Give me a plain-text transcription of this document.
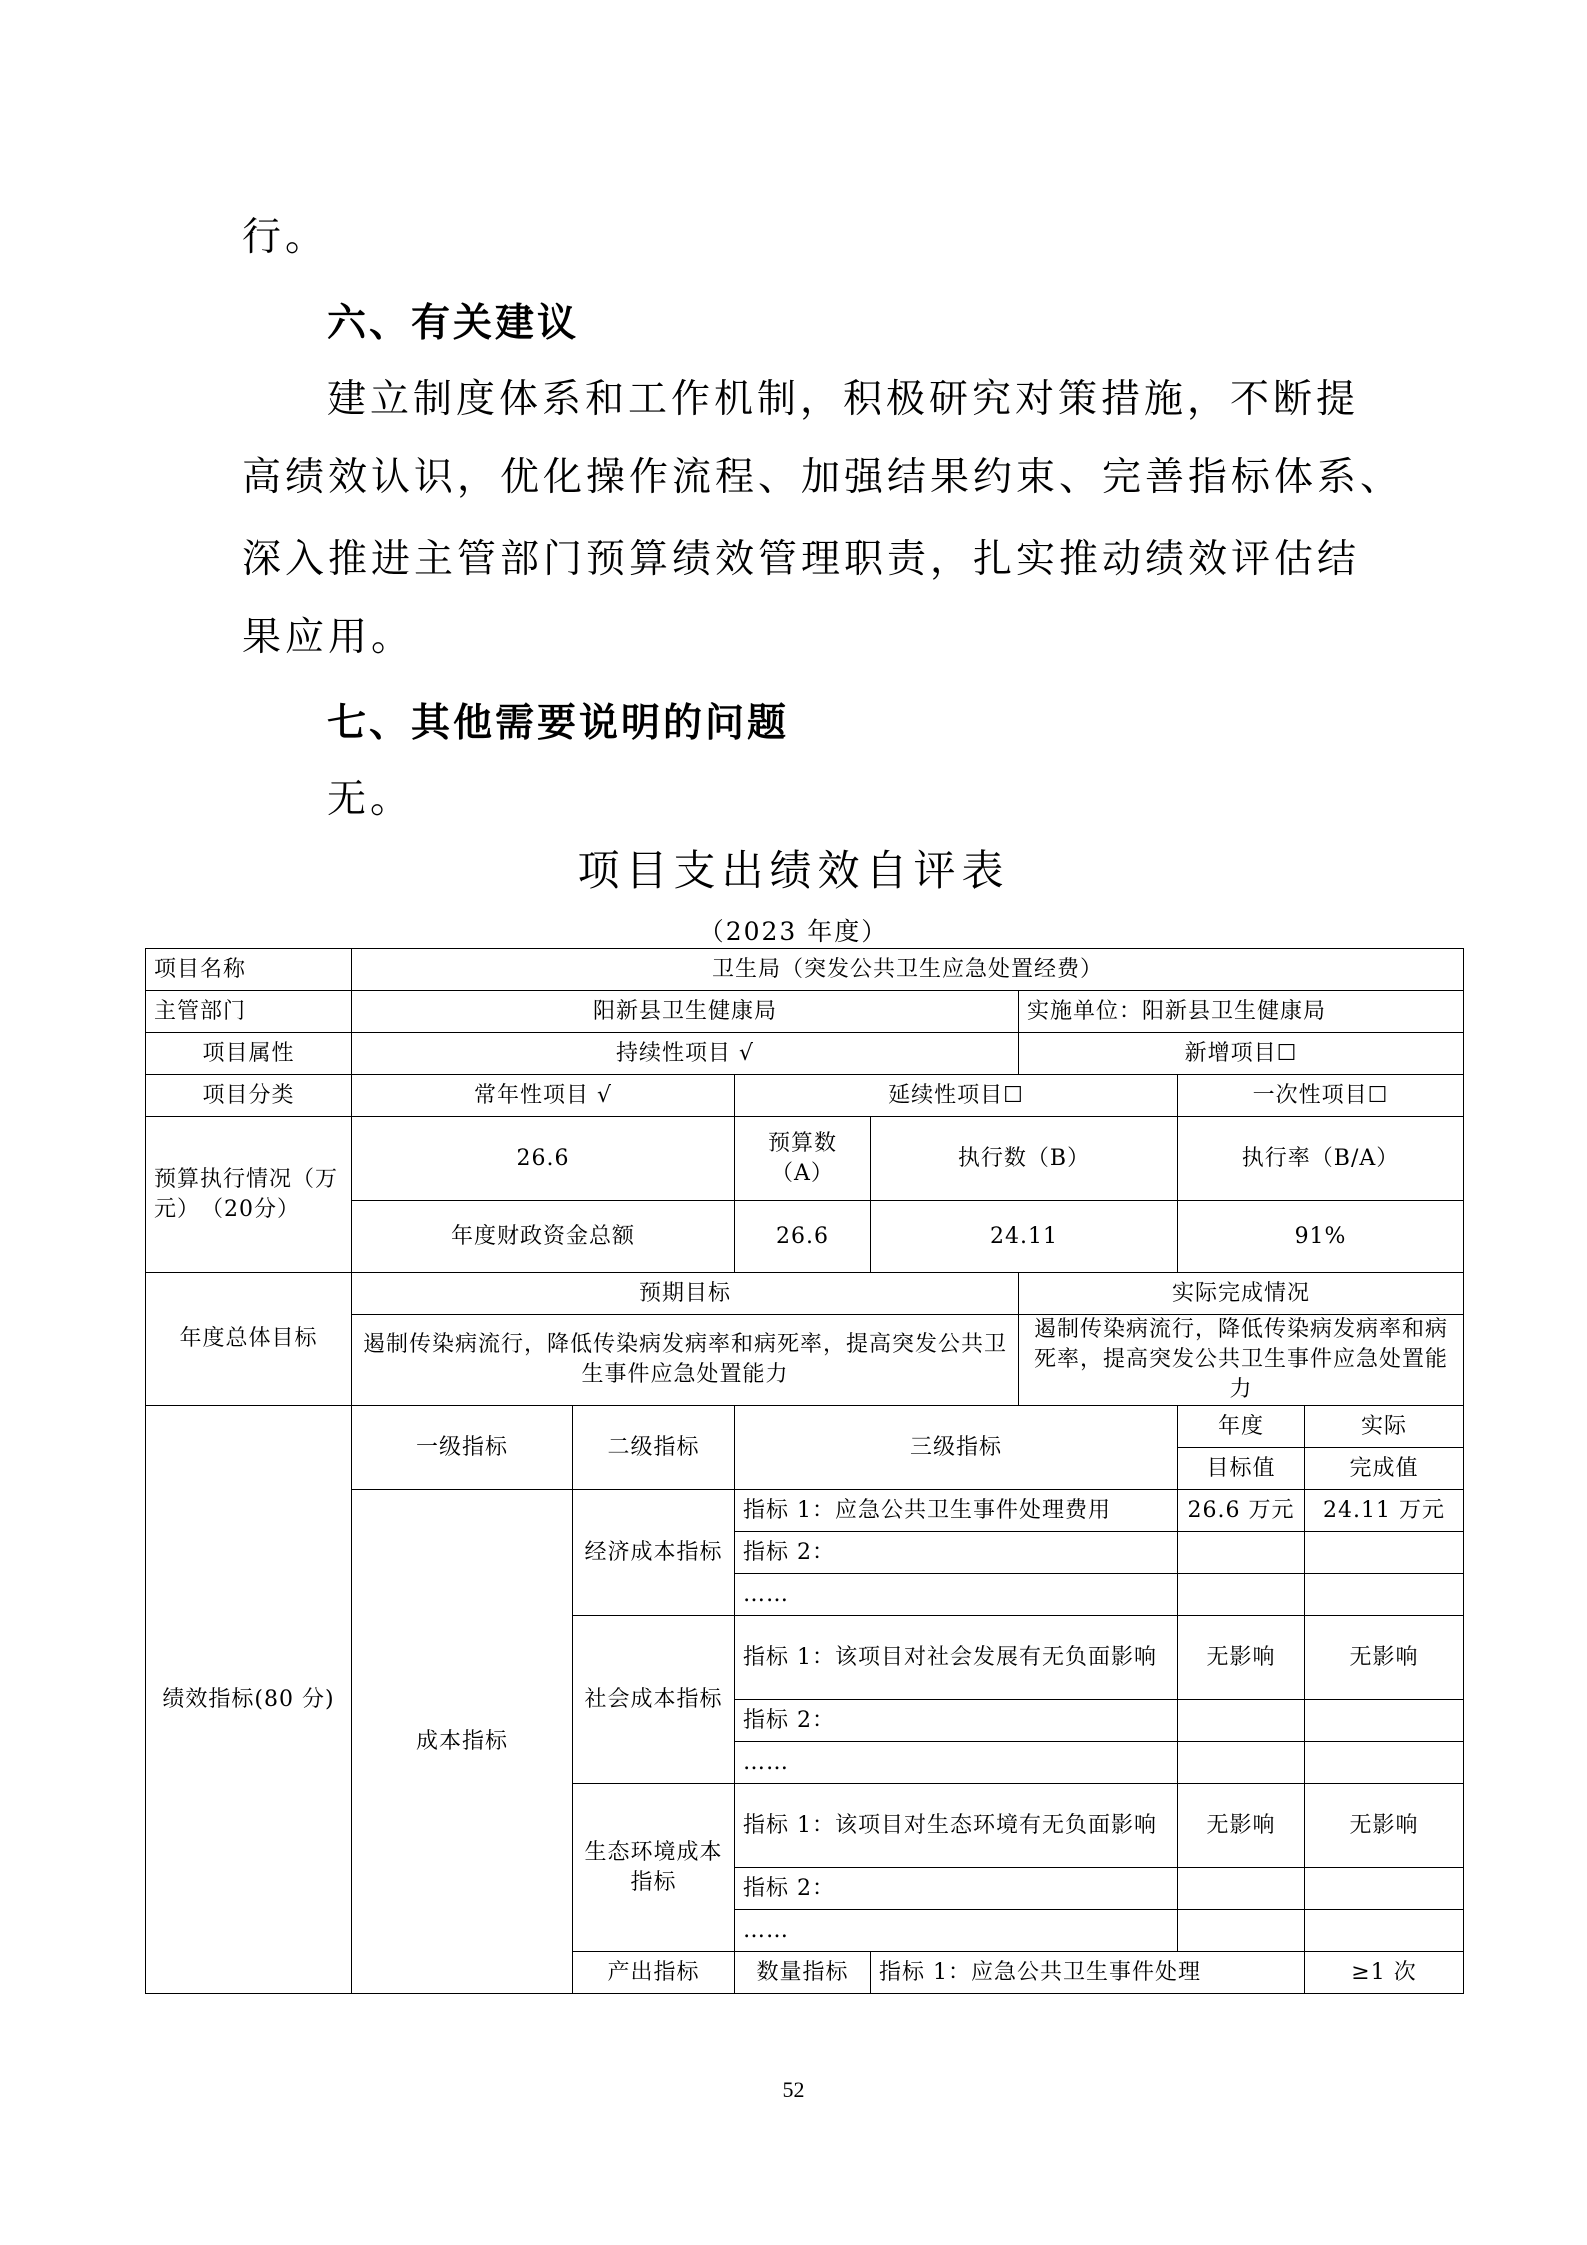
行。

六、有关建议

建立制度体系和工作机制，积极研究对策措施，不断提

高绩效认识，优化操作流程、加强结果约束、完善指标体系、

深入推进主管部门预算绩效管理职责，扎实推动绩效评估结

果应用。

七、其他需要说明的问题

无。

项目支出绩效自评表
（2023 年度）
项目名称	卫生局（突发公共卫生应急处置经费）							
主管部门	阳新县卫生健康局				实施单位：阳新县卫生健康局			
项目属性	持续性项目 √				新增项目☐			
项目分类	常年性项目 √		延续性项目☐			一次性项目☐		
预算执行情况（万元）　（20分）	26.6		预算数（A）	执行数（B）		执行率（B/A）		
	年度财政资金总额		26.6	24.11		91%		
年度总体目标	预期目标				实际完成情况			
	遏制传染病流行，降低传染病发病率和病死率，提高突发公共卫生事件应急处置能力				遏制传染病流行，降低传染病发病率和病死率，提高突发公共卫生事件应急处置能力			
绩效指标(80 分)	一级指标	二级指标	三级指标			年度	实际	
						目标值	完成值	
	成本指标	经济成本指标	指标 1：应急公共卫生事件处理费用			26.6 万元	24.11 万元	
			指标 2：					
			……					
		社会成本指标	指标 1：该项目对社会发展有无负面影响			无影响	无影响	
			指标 2：					
			……					
		生态环境成本指标	指标 1：该项目对生态环境有无负面影响			无影响	无影响	
			指标 2：					
			……					
		产出指标	数量指标	指标 1：应急公共卫生事件处理			≥1 次	
52
